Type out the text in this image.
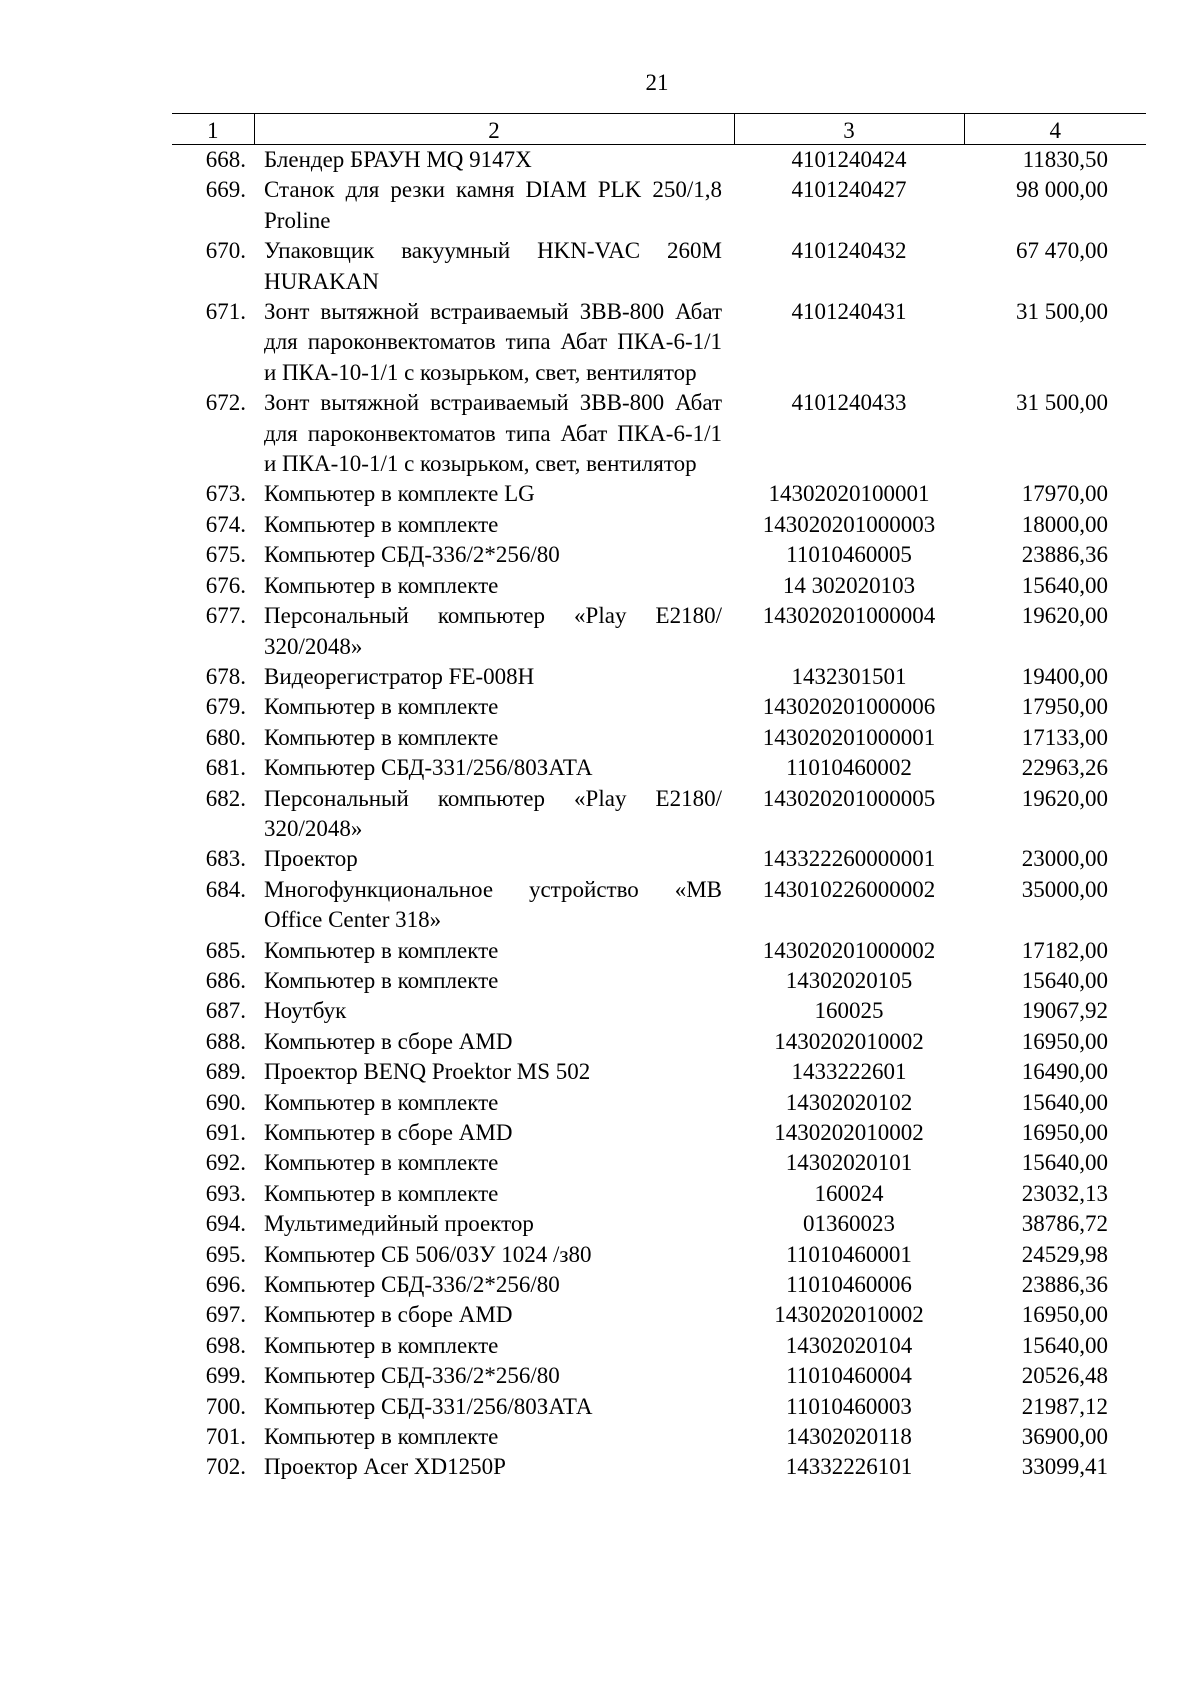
21
1	2	3	4
668.	Блендер БРАУН MQ 9147X	4101240424	11830,50
669.	Станок для резки камня DIAM PLK 250/1,8 Proline	4101240427	98 000,00
670.	Упаковщик вакуумный HKN-VAC 260M HURAKAN	4101240432	67 470,00
671.	Зонт вытяжной встраиваемый ЗВВ-800 Абат для пароконвектоматов типа Абат ПКА-6-1/1 и ПКА-10-1/1 с козырьком, свет, вентилятор	4101240431	31 500,00
672.	Зонт вытяжной встраиваемый ЗВВ-800 Абат для пароконвектоматов типа Абат ПКА-6-1/1 и ПКА-10-1/1 с козырьком, свет, вентилятор	4101240433	31 500,00
673.	Компьютер в комплекте LG	14302020100001	17970,00
674.	Компьютер в комплекте	143020201000003	18000,00
675.	Компьютер СБД-336/2*256/80	11010460005	23886,36
676.	Компьютер в комплекте	14 302020103	15640,00
677.	Персональный компьютер «Play E2180/ 320/2048»	143020201000004	19620,00
678.	Видеорегистратор FE-008H	1432301501	19400,00
679.	Компьютер в комплекте	143020201000006	17950,00
680.	Компьютер в комплекте	143020201000001	17133,00
681.	Компьютер СБД-331/256/80ЗАТА	11010460002	22963,26
682.	Персональный компьютер «Play E2180/ 320/2048»	143020201000005	19620,00
683.	Проектор	143322260000001	23000,00
684.	Многофункциональное устройство «MB Office Center 318»	143010226000002	35000,00
685.	Компьютер в комплекте	143020201000002	17182,00
686.	Компьютер в комплекте	14302020105	15640,00
687.	Ноутбук	160025	19067,92
688.	Компьютер в сборе AMD	1430202010002	16950,00
689.	Проектор BENQ Proektor MS 502	1433222601	16490,00
690.	Компьютер в комплекте	14302020102	15640,00
691.	Компьютер в сборе AMD	1430202010002	16950,00
692.	Компьютер в комплекте	14302020101	15640,00
693.	Компьютер в комплекте	160024	23032,13
694.	Мультимедийный проектор	01360023	38786,72
695.	Компьютер СБ 506/03У 1024 /з80	11010460001	24529,98
696.	Компьютер СБД-336/2*256/80	11010460006	23886,36
697.	Компьютер в сборе AMD	1430202010002	16950,00
698.	Компьютер в комплекте	14302020104	15640,00
699.	Компьютер СБД-336/2*256/80	11010460004	20526,48
700.	Компьютер СБД-331/256/80ЗАТА	11010460003	21987,12
701.	Компьютер в комплекте	14302020118	36900,00
702.	Проектор Acer XD1250P	14332226101	33099,41
